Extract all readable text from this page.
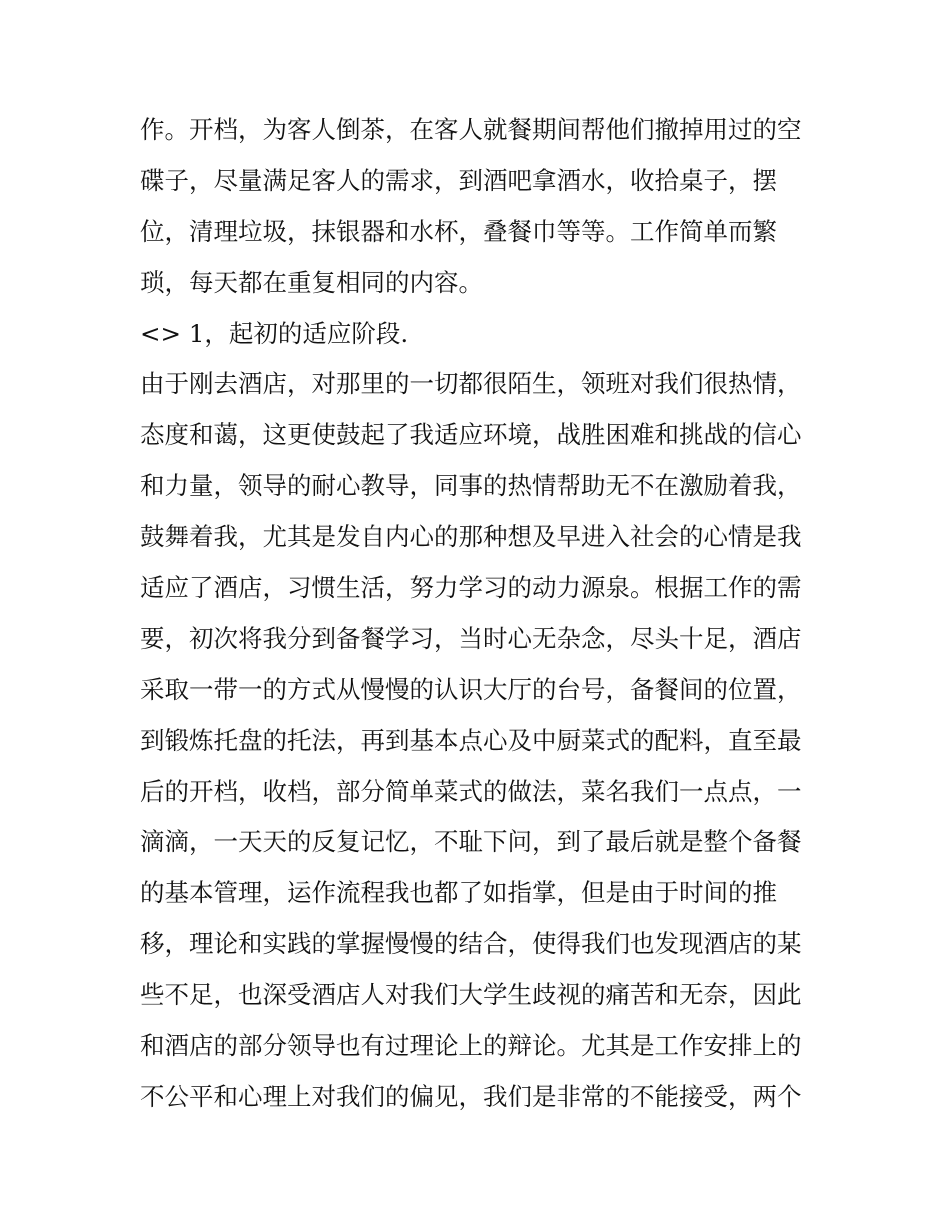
作。开档，为客人倒茶，在客人就餐期间帮他们撤掉用过的空
碟子，尽量满足客人的需求，到酒吧拿酒水，收拾桌子，摆
位，清理垃圾，抹银器和水杯，叠餐巾等等。工作简单而繁
琐，每天都在重复相同的内容。
<> 1，起初的适应阶段.
由于刚去酒店，对那里的一切都很陌生，领班对我们很热情，
态度和蔼，这更使鼓起了我适应环境，战胜困难和挑战的信心
和力量，领导的耐心教导，同事的热情帮助无不在激励着我，
鼓舞着我，尤其是发自内心的那种想及早进入社会的心情是我
适应了酒店，习惯生活，努力学习的动力源泉。根据工作的需
要，初次将我分到备餐学习，当时心无杂念，尽头十足，酒店
采取一带一的方式从慢慢的认识大厅的台号，备餐间的位置，
到锻炼托盘的托法，再到基本点心及中厨菜式的配料，直至最
后的开档，收档，部分简单菜式的做法，菜名我们一点点，一
滴滴，一天天的反复记忆，不耻下问，到了最后就是整个备餐
的基本管理，运作流程我也都了如指掌，但是由于时间的推
移，理论和实践的掌握慢慢的结合，使得我们也发现酒店的某
些不足，也深受酒店人对我们大学生歧视的痛苦和无奈，因此
和酒店的部分领导也有过理论上的辩论。尤其是工作安排上的
不公平和心理上对我们的偏见，我们是非常的不能接受，两个
